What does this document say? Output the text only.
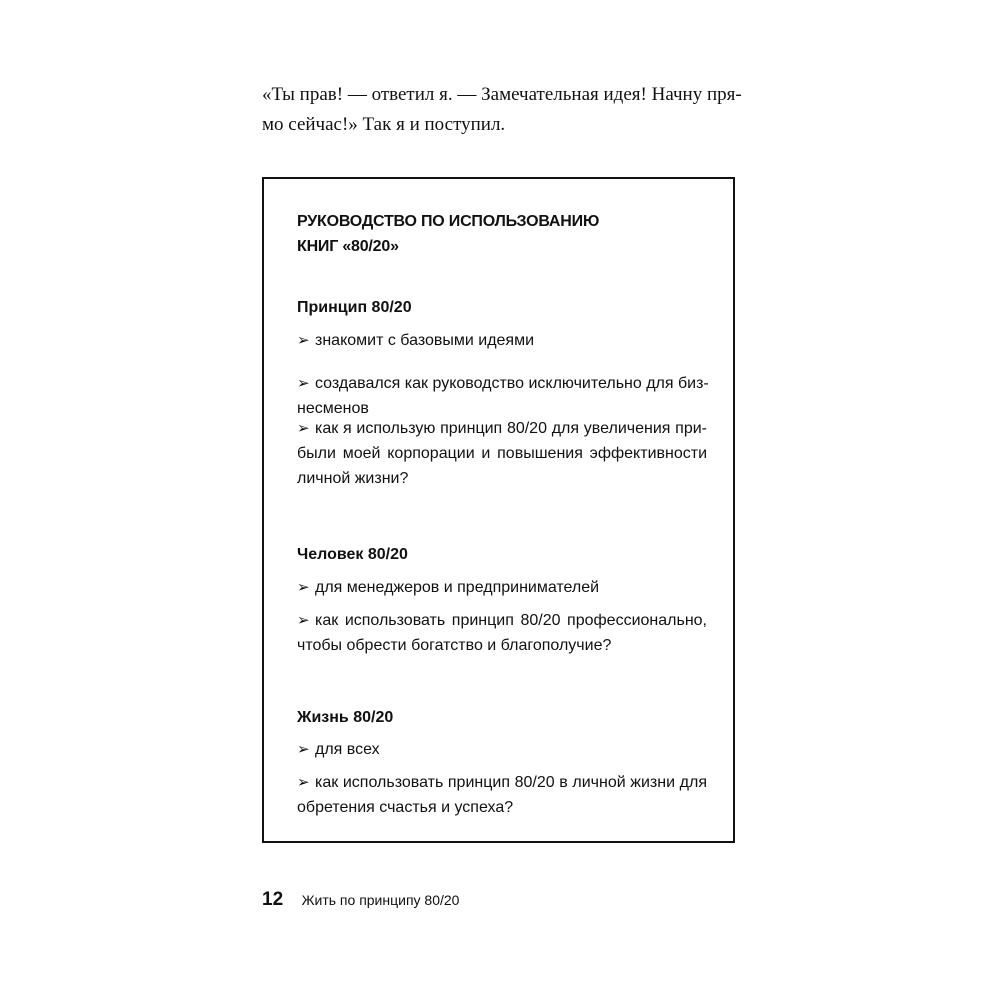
«Ты прав! — ответил я. — Замечательная идея! Начну пря-
мо сейчас!» Так я и поступил.
РУКОВОДСТВО ПО ИСПОЛЬЗОВАНИЮ
КНИГ «80/20»
Принцип 80/20
➢ знакомит с базовыми идеями
➢ создавался как руководство исключительно для биз-
несменов
➢ как я использую принцип 80/20 для увеличения при-
были моей корпорации и повышения эффективности
личной жизни?
Человек 80/20
➢ для менеджеров и предпринимателей
➢ как использовать принцип 80/20 профессионально,
чтобы обрести богатство и благополучие?
Жизнь 80/20
➢ для всех
➢ как использовать принцип 80/20 в личной жизни для
обретения счастья и успеха?
12 Жить по принципу 80/20
